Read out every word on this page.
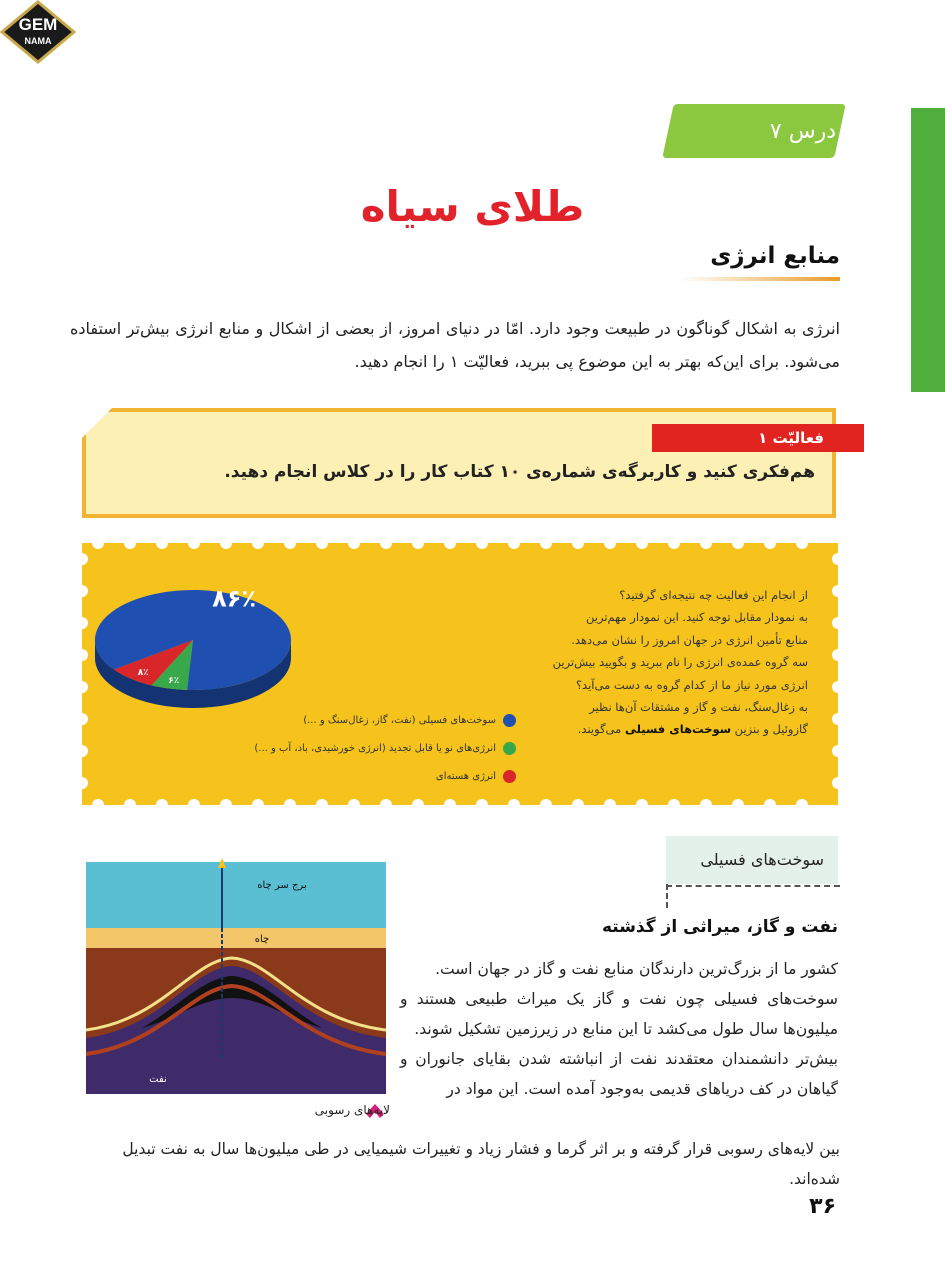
GEM
NAMA
درس ۷
طلای سیاه
منابع انرژی
انرژی به اشکال گوناگون در طبیعت وجود دارد. امّا در دنیای امروز، از بعضی از اشکال و منابع انرژی بیش‌تر استفاده می‌شود. برای این‌که بهتر به این موضوع پی ببرید، فعالیّت ۱ را انجام دهید.
فعالیّت ۱
هم‌فکری کنید و کاربرگه‌ی شماره‌ی ۱۰ کتاب کار را در کلاس انجام دهید.
از انجام این فعالیت چه نتیجه‌ای گرفتید؟
به نمودار مقابل توجه کنید. این نمودار مهم‌ترین
منابع تأمین انرژی در جهان امروز را نشان می‌دهد.
سه گروه عمده‌ی انرژی را نام ببرید و بگویید بیش‌ترین
انرژی مورد نیاز ما از کدام گروه به دست می‌آید؟
به زغال‌سنگ، نفت و گاز و مشتقات آن‌ها نظیر
گازوئیل و بنزین سوخت‌های فسیلی می‌گویند.
۶٪
۸٪
۸۶٪
سوخت‌های فسیلی (نفت، گاز، زغال‌سنگ و ...)
انرژی‌های نو یا قابل تجدید (انرژی خورشیدی، باد، آب و ...)
انرژی هسته‌ای
سوخت‌های فسیلی
برج سر چاه
چاه
نفت
لایه‌های رسوبی
نفت و گاز، میراثی از گذشته
کشور ما از بزرگ‌ترین دارندگان منابع نفت و گاز در جهان است.
سوخت‌های فسیلی چون نفت و گاز یک میراث طبیعی هستند و میلیون‌ها سال طول می‌کشد تا این منابع در زیرزمین تشکیل شوند.
بیش‌تر دانشمندان معتقدند نفت از انباشته شدن بقایای جانوران و گیاهان در کف دریاهای قدیمی به‌وجود آمده است. این مواد در
بین لایه‌های رسوبی قرار گرفته و بر اثر گرما و فشار زیاد و تغییرات شیمیایی در طی میلیون‌ها سال به نفت تبدیل شده‌اند.
۳۶
